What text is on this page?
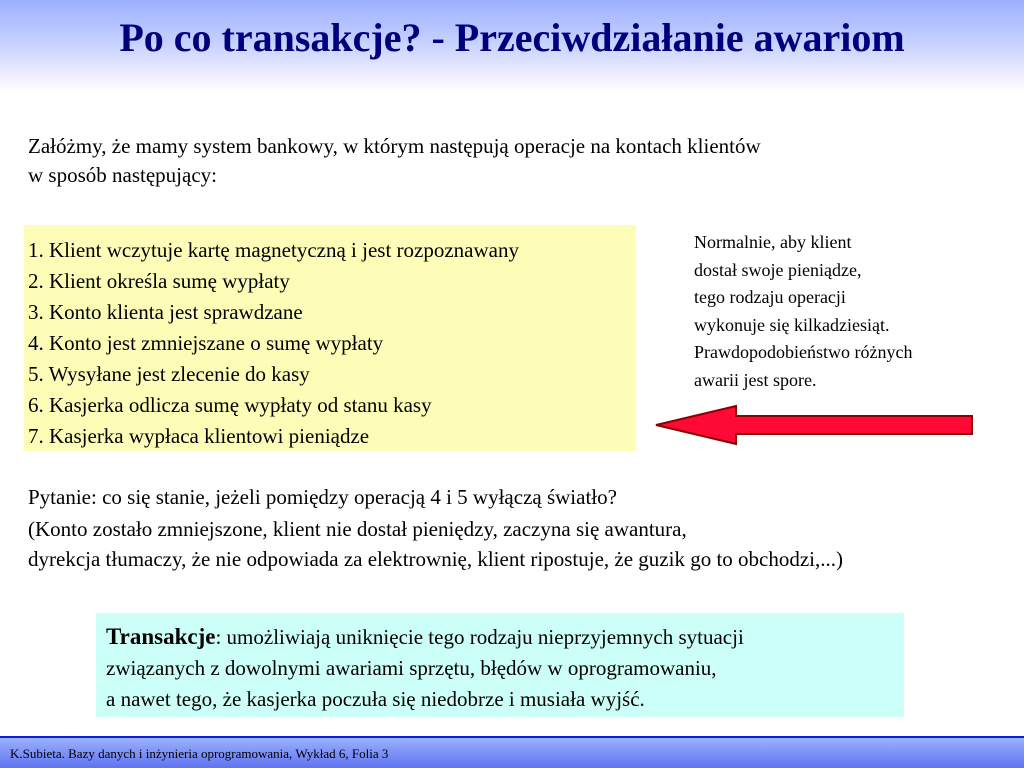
Po co transakcje? - Przeciwdziałanie awariom
Załóżmy, że mamy system bankowy, w którym następują operacje na kontach klientów
w sposób następujący:
1. Klient wczytuje kartę magnetyczną i jest rozpoznawany
2. Klient określa sumę wypłaty
3. Konto klienta jest sprawdzane
4. Konto jest zmniejszane o sumę wypłaty
5. Wysyłane jest zlecenie do kasy
6. Kasjerka odlicza sumę wypłaty od stanu kasy
7. Kasjerka wypłaca klientowi pieniądze
Normalnie, aby klient
dostał swoje pieniądze,
tego rodzaju operacji
wykonuje się kilkadziesiąt.
Prawdopodobieństwo różnych
awarii jest spore.
Pytanie: co się stanie, jeżeli pomiędzy operacją 4 i 5 wyłączą światło?
(Konto zostało zmniejszone, klient nie dostał pieniędzy, zaczyna się awantura,
dyrekcja tłumaczy, że nie odpowiada za elektrownię, klient ripostuje, że guzik go to obchodzi,...)
Transakcje: umożliwiają uniknięcie tego rodzaju nieprzyjemnych sytuacji
związanych z dowolnymi awariami sprzętu, błędów w oprogramowaniu,
a nawet tego, że kasjerka poczuła się niedobrze i musiała wyjść.
K.Subieta. Bazy danych i inżynieria oprogramowania, Wykład 6, Folia 3
